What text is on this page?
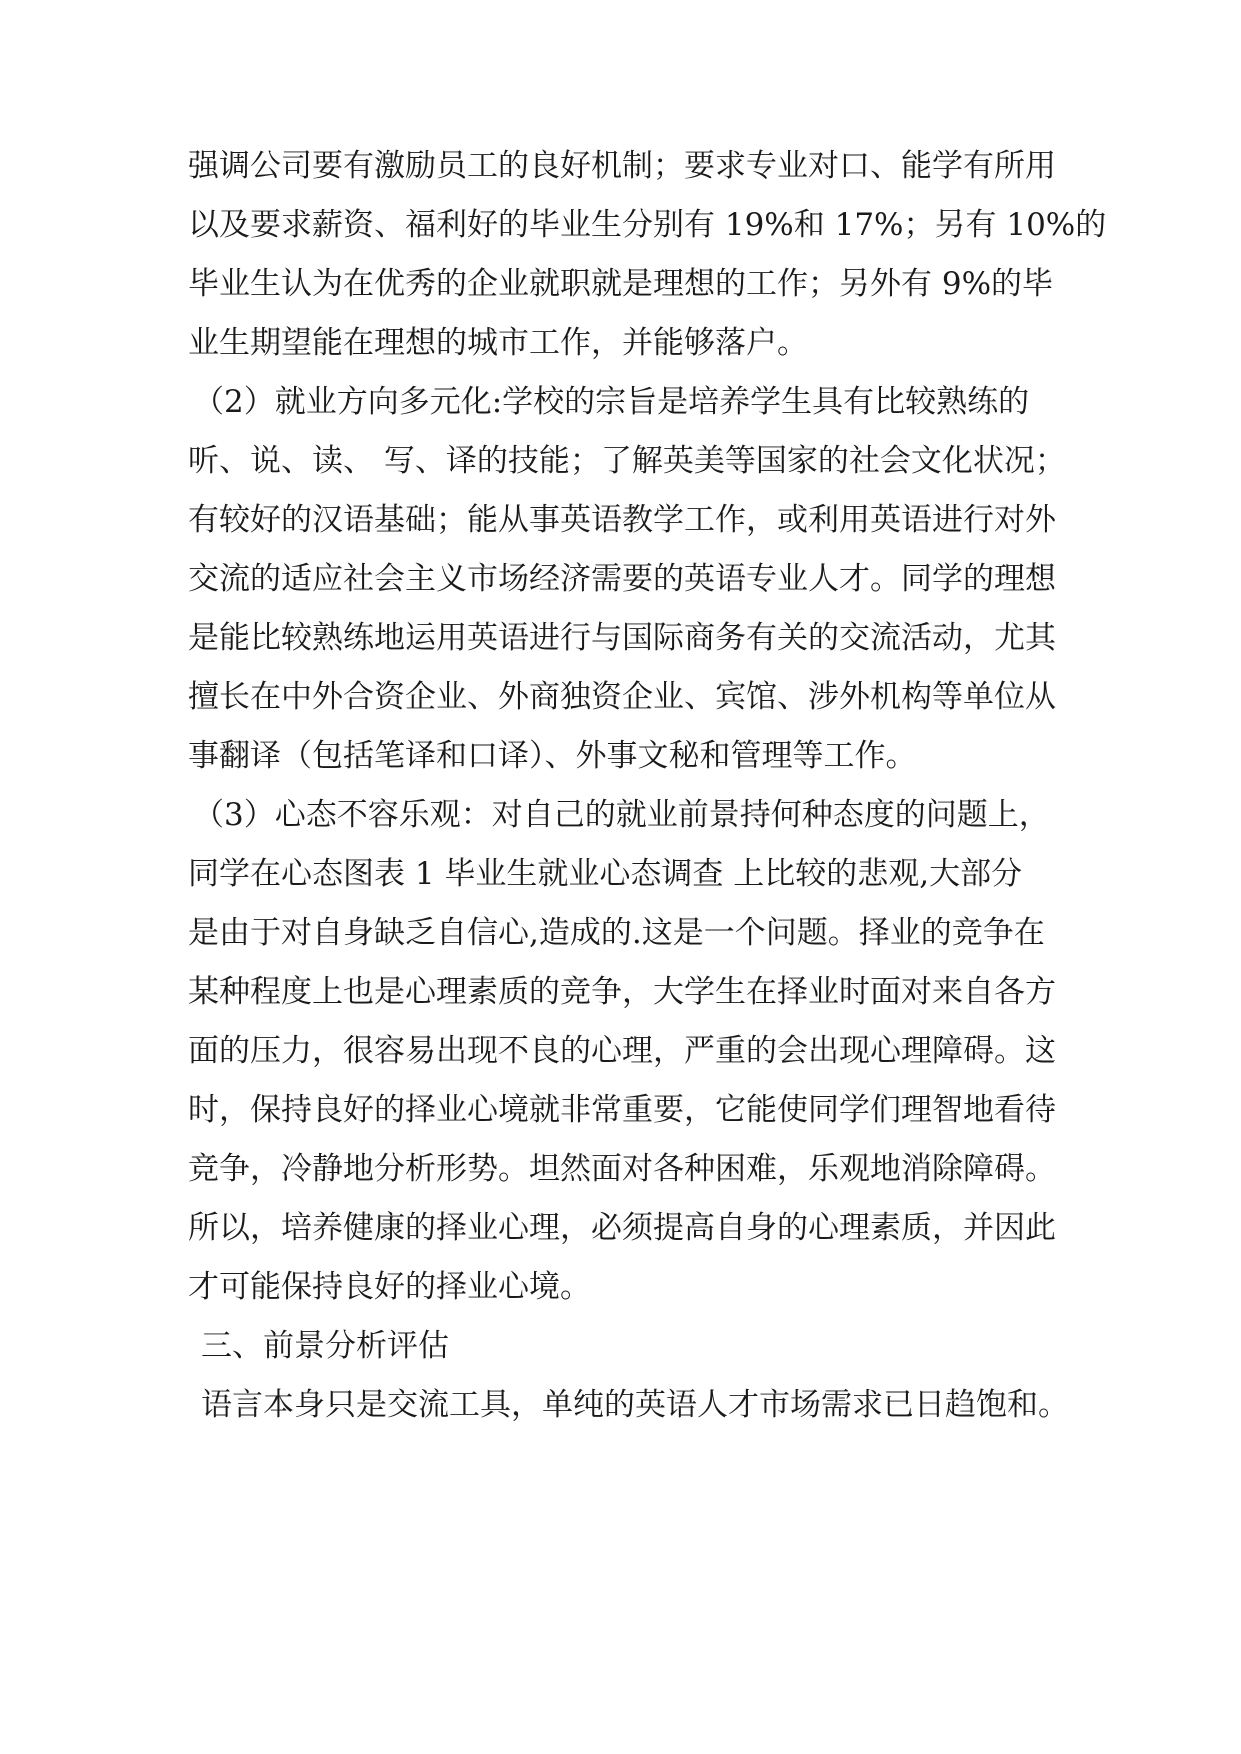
强调公司要有激励员工的良好机制；要求专业对口、能学有所用
以及要求薪资、福利好的毕业生分别有 19%和 17%；另有 10%的
毕业生认为在优秀的企业就职就是理想的工作；另外有 9%的毕
业生期望能在理想的城市工作，并能够落户。
（2）就业方向多元化:学校的宗旨是培养学生具有比较熟练的
听、说、读、 写、译的技能；了解英美等国家的社会文化状况；
有较好的汉语基础；能从事英语教学工作，或利用英语进行对外
交流的适应社会主义市场经济需要的英语专业人才。同学的理想
是能比较熟练地运用英语进行与国际商务有关的交流活动，尤其
擅长在中外合资企业、外商独资企业、宾馆、涉外机构等单位从
事翻译（包括笔译和口译）、外事文秘和管理等工作。
（3）心态不容乐观：对自己的就业前景持何种态度的问题上，
同学在心态图表 1 毕业生就业心态调查 上比较的悲观,大部分
是由于对自身缺乏自信心,造成的.这是一个问题。择业的竞争在
某种程度上也是心理素质的竞争，大学生在择业时面对来自各方
面的压力，很容易出现不良的心理，严重的会出现心理障碍。这
时，保持良好的择业心境就非常重要，它能使同学们理智地看待
竞争，冷静地分析形势。坦然面对各种困难，乐观地消除障碍。
所以，培养健康的择业心理，必须提高自身的心理素质，并因此
才可能保持良好的择业心境。
三、前景分析评估
语言本身只是交流工具，单纯的英语人才市场需求已日趋饱和。
